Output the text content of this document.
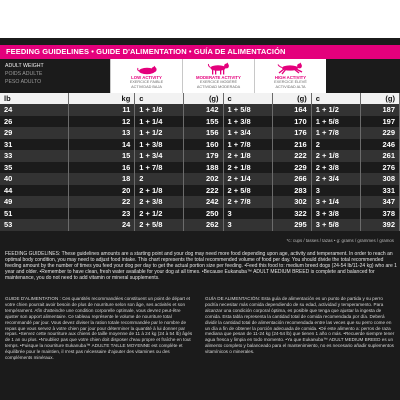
FEEDING GUIDELINES • GUIDE D'ALIMENTATION • GUÍA DE ALIMENTACIÓN
ADULT WEIGHT
POIDS ADULTE
PESO ADULTO
LOW ACTIVITY
EXERCICE FAIBLE
ACTIVIDAD BAJA
MODERATE ACTIVITY
EXERCICE MODÉRÉ
ACTIVIDAD MODERADA
HIGH ACTIVITY
EXERCICE ÉLEVÉ
ACTIVIDAD ALTA
lb	kg	c	(g)	c	(g)	c	(g)
24	11	1 + 1/8	142	1 + 5/8	164	1 + 1/2	187
26	12	1 + 1/4	155	1 + 3/8	170	1 + 5/8	197
29	13	1 + 1/2	156	1 + 3/4	176	1 + 7/8	229
31	14	1 + 3/8	160	1 + 7/8	216	2	246
33	15	1 + 3/4	179	2 + 1/8	222	2 + 1/8	261
35	16	1 + 7/8	188	2 + 1/8	229	2 + 3/8	276
40	18	2	202	2 + 1/4	266	2 + 3/4	308
44	20	2 + 1/8	222	2 + 5/8	283	3	331
49	22	2 + 3/8	242	2 + 7/8	302	3 + 1/4	347
51	23	2 + 1/2	250	3	322	3 + 3/8	378
53	24	2 + 5/8	262	3	295	3 + 5/8	392
*c: cups / tasses / tazas • g: grams / grammes / gramos
FEEDING GUIDELINES: These guidelines amounts are a starting point and your dog may need more food depending upon age, activity and temperament. In order to reach an optimal body condition, you may need to adjust food intake. This chart represents the total recommended volume of food per day. You should divide the total recommended feeding amount by the number of times you feed your dog per day to get the actual portion size per feeding. •Feed this food to: medium breed dogs (24-54 lb/11-24 kg) who are 1 year and older. •Remember to have clean, fresh water available for your dog at all times. •Because Eukanuba™ ADULT MEDIUM BREED is complete and balanced for maintenance, you do not need to add vitamin or mineral supplements.
GUIDE D'ALIMENTATION : Ces quantités recommandées constituent un point de départ et votre chien pourrait avoir besoin de plus de nourriture selon son âge, ses activités et son tempérament. Afin d'atteindre une condition corporelle optimale, vous devrez peut-être ajuster son apport alimentaire. Ce tableau représente le volume de nourriture total recommandé par jour. Vous devez diviser la ration totale recommandée par le nombre de repas que vous servez à votre chien par jour pour déterminer la quantité à lui donner par repas. •Servez cette nourriture aux chiens de taille moyenne de 11 à 24 kg (24 à 54 lb) âgés de 1 an ou plus. •N'oubliez pas que votre chien doit disposer d'eau propre et fraîche en tout temps. •Puisque la nourriture Eukanuba™ ADULTE TAILLE MOYENNE est complète et équilibrée pour le maintien, il n'est pas nécessaire d'ajouter des vitamines ou des compléments minéraux.
GUÍA DE ALIMENTACIÓN: Esta guía de alimentación es un punto de partida y su perro podría necesitar más comida dependiendo de su edad, actividad y temperamento. Para alcanzar una condición corporal óptima, es posible que tenga que ajustar la ingesta de comida. Esta tabla representa la cantidad total de comida recomendada por día. Deberá dividir la cantidad total de alimentación recomendada entre las veces que su perro come en un día a fin de obtener la porción adecuada de comida. •Dé este alimento a: perros de raza mediana que pesan de 11-24 kg (24-54 lb) que tienen 1 año o más. •Recuerde siempre tener agua fresca y limpia en todo momento. •Ya que Eukanuba™ ADULT MEDIUM BREED es un alimento completo y balanceado para el mantenimiento, no es necesario añadir suplementos vitamínicos o minerales.
